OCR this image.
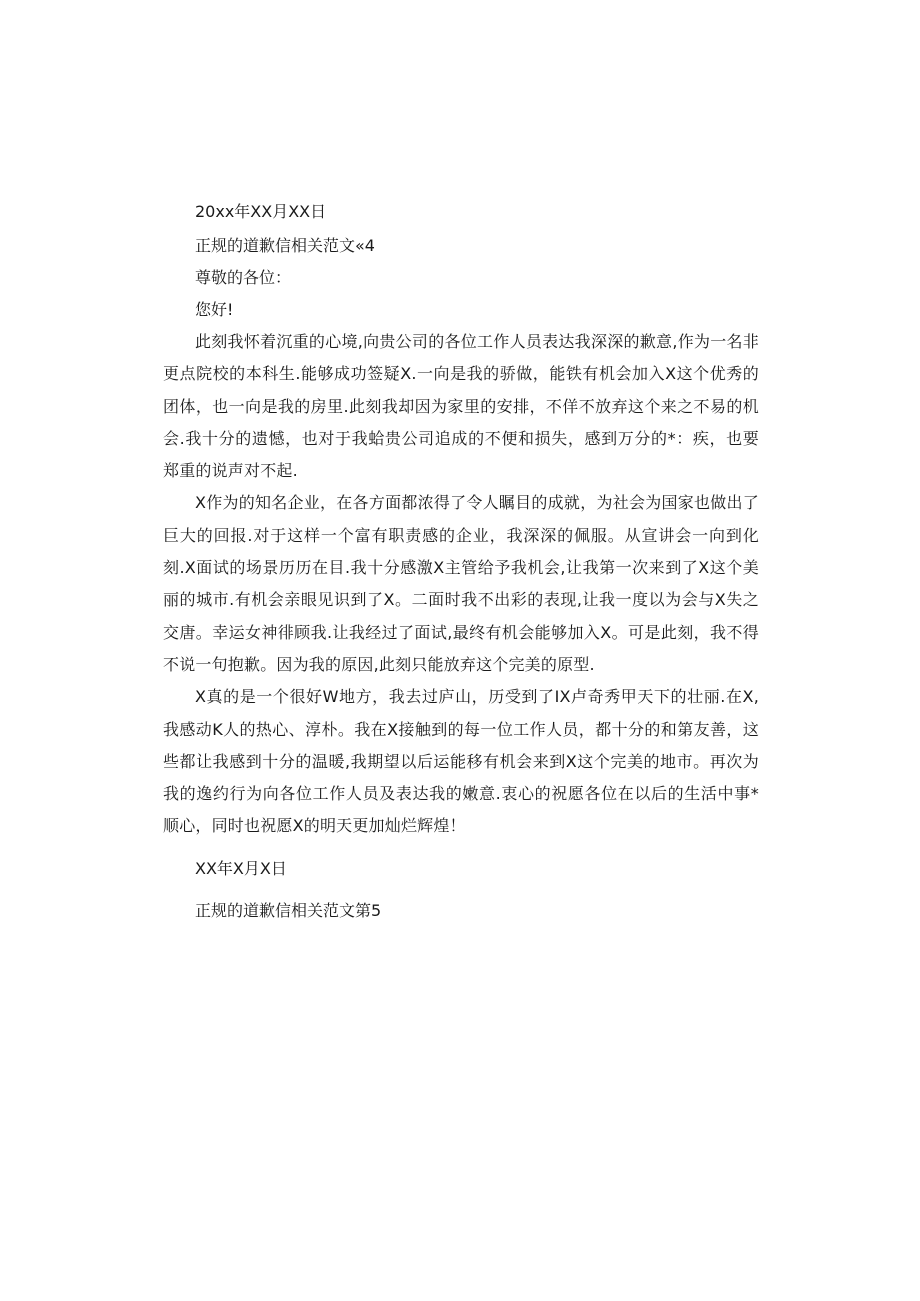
20xx年XX月XX日

正规的道歉信相关范文«4

尊敬的各位：

您好!

此刻我怀着沉重的心境,向贵公司的各位工作人员表达我深深的歉意,作为一名非更点院校的本科生.能够成功签疑X.一向是我的骄做，能铁有机会加入X这个优秀的团体，也一向是我的房里.此刻我却因为家里的安排，不佯不放弃这个来之不易的机会.我十分的遗憾，也对于我蛤贵公司追成的不便和损失，感到万分的*：疾，也要郑重的说声对不起.

X作为的知名企业，在各方面都浓得了令人瞩目的成就，为社会为国家也做出了巨大的回报.对于这样一个富有职责感的企业，我深深的佩服。从宣讲会一向到化刻.X面试的场景历历在目.我十分感激X主管给予我机会,让我第一次来到了X这个美丽的城市.有机会亲眼见识到了X。二面时我不出彩的表现,让我一度以为会与X失之交唐。幸运女神徘顾我.让我经过了面试,最终有机会能够加入X。可是此刻，我不得不说一句抱歉。因为我的原因,此刻只能放弃这个完美的原型.

X真的是一个很好W地方，我去过庐山，历受到了IX卢奇秀甲天下的壮丽.在X,我感动K人的热心、淳朴。我在X接触到的每一位工作人员，都十分的和第友善，这些都让我感到十分的温暖,我期望以后运能移有机会来到X这个完美的地市。再次为我的逸约行为向各位工作人员及表达我的嫩意.衷心的祝愿各位在以后的生活中事*顺心，同时也祝愿X的明天更加灿烂辉煌！

XX年X月X日

正规的道歉信相关范文第5
